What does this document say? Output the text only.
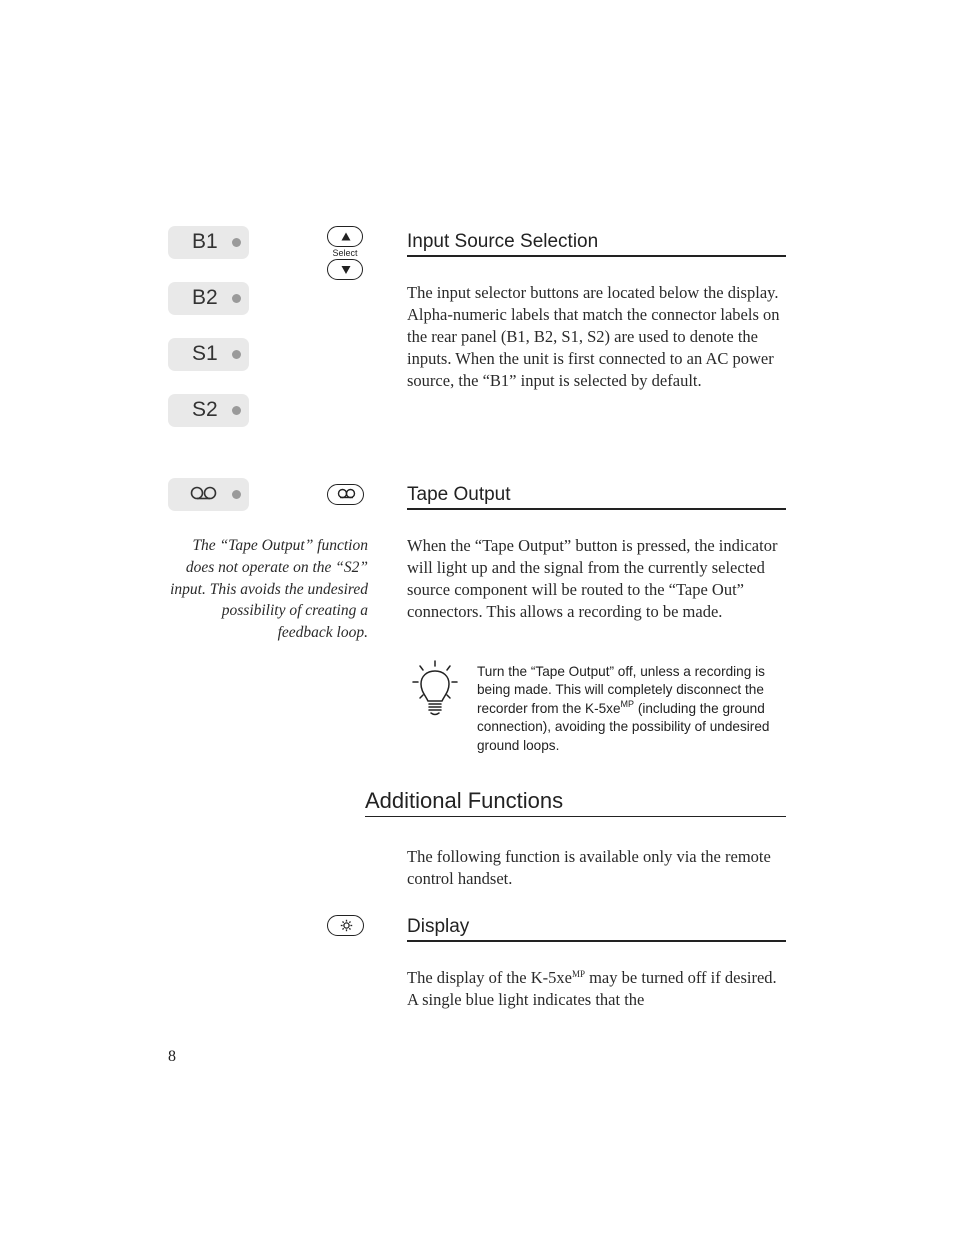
B1
B2
S1
S2
Select
Input Source Selection
The input selector buttons are located below the display. Alpha-numeric labels that match the connector labels on the rear panel (B1, B2, S1, S2) are used to denote the inputs. When the unit is first connected to an AC power source, the “B1” input is selected by default.
Tape Output
When the “Tape Output” button is pressed, the indicator will light up and the signal from the currently selected source component will be routed to the “Tape Out” connectors. This allows a recording to be made.
The “Tape Output” function does not operate on the “S2” input. This avoids the undesired possibility of creating a feedback loop.
Turn the “Tape Output” off, unless a recording is being made. This will completely disconnect the recorder from the $K-5xe^{MP}$ (including the ground connection), avoiding the possibility of undesired ground loops.
Additional Functions
The following function is available only via the remote control handset.
Display
The display of the $K-5xe^{MP}$ may be turned off if desired. A single blue light indicates that the
8
